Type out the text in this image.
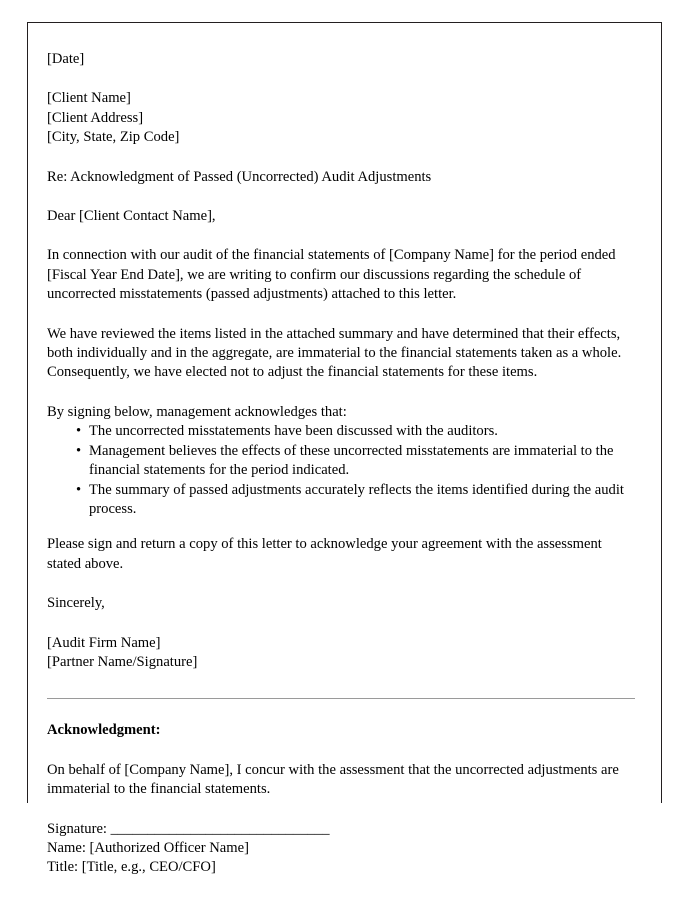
[Date]
[Client Name]
[Client Address]
[City, State, Zip Code]
Re: Acknowledgment of Passed (Uncorrected) Audit Adjustments
Dear [Client Contact Name],
In connection with our audit of the financial statements of [Company Name] for the period ended [Fiscal Year End Date], we are writing to confirm our discussions regarding the schedule of uncorrected misstatements (passed adjustments) attached to this letter.
We have reviewed the items listed in the attached summary and have determined that their effects, both individually and in the aggregate, are immaterial to the financial statements taken as a whole. Consequently, we have elected not to adjust the financial statements for these items.
By signing below, management acknowledges that:
• The uncorrected misstatements have been discussed with the auditors.
• Management believes the effects of these uncorrected misstatements are immaterial to the financial statements for the period indicated.
• The summary of passed adjustments accurately reflects the items identified during the audit process.
Please sign and return a copy of this letter to acknowledge your agreement with the assessment stated above.
Sincerely,
[Audit Firm Name]
[Partner Name/Signature]
Acknowledgment:
On behalf of [Company Name], I concur with the assessment that the uncorrected adjustments are immaterial to the financial statements.
Signature: ______________________________
Name: [Authorized Officer Name]
Title: [Title, e.g., CEO/CFO]
